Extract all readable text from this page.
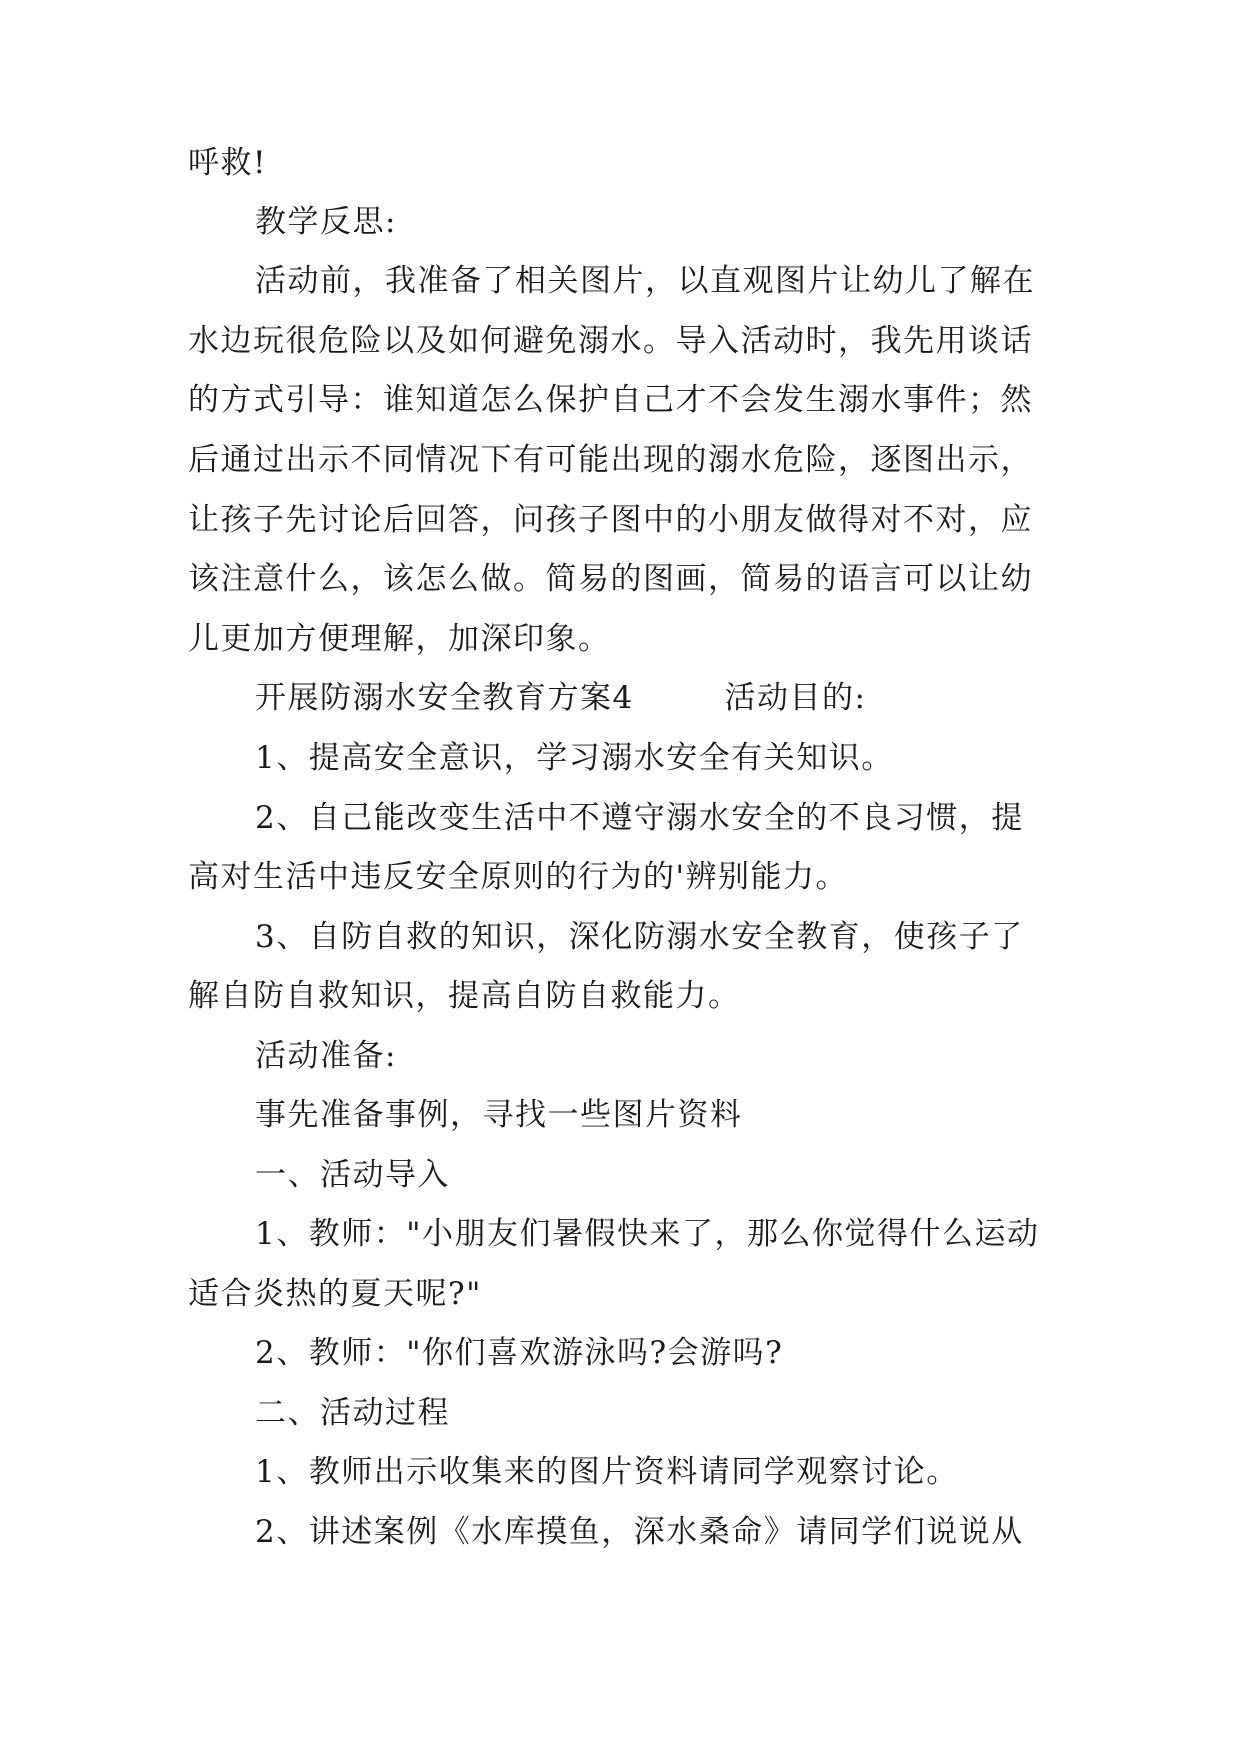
呼救!
教学反思:
活动前，我准备了相关图片，以直观图片让幼儿了解在
水边玩很危险以及如何避免溺水。导入活动时，我先用谈话
的方式引导：谁知道怎么保护自己才不会发生溺水事件；然
后通过出示不同情况下有可能出现的溺水危险，逐图出示，
让孩子先讨论后回答，问孩子图中的小朋友做得对不对，应
该注意什么，该怎么做。简易的图画，简易的语言可以让幼
儿更加方便理解，加深印象。
开展防溺水安全教育方案4        活动目的:
1、提高安全意识，学习溺水安全有关知识。
2、自己能改变生活中不遵守溺水安全的不良习惯，提
高对生活中违反安全原则的行为的'辨别能力。
3、自防自救的知识，深化防溺水安全教育，使孩子了
解自防自救知识，提高自防自救能力。
活动准备:
事先准备事例，寻找一些图片资料
一、活动导入
1、教师："小朋友们暑假快来了，那么你觉得什么运动
适合炎热的夏天呢?"
2、教师："你们喜欢游泳吗?会游吗?
二、活动过程
1、教师出示收集来的图片资料请同学观察讨论。
2、讲述案例《水库摸鱼，深水桑命》请同学们说说从
